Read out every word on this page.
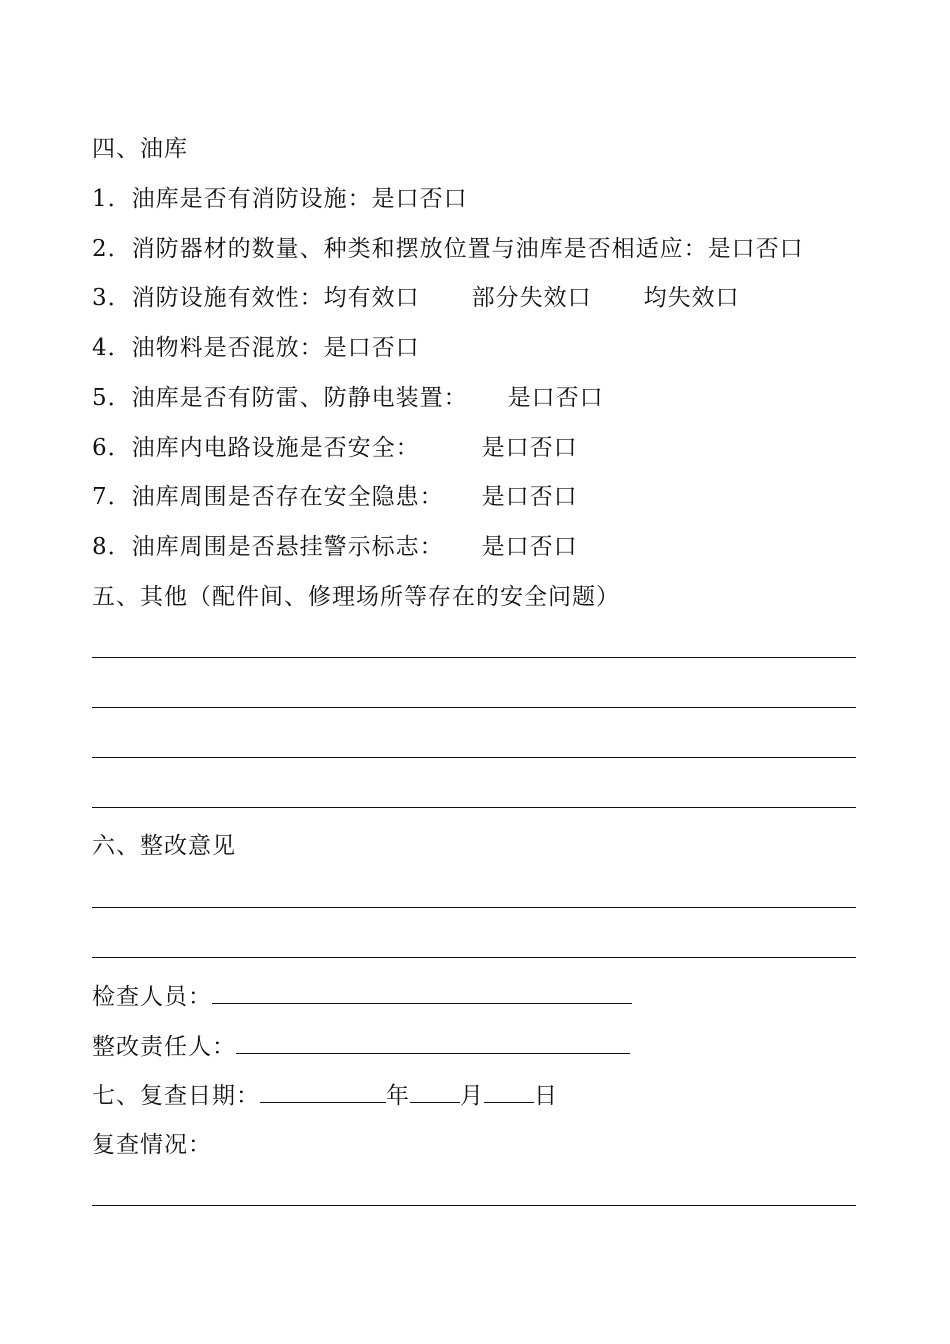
四、油库
1．油库是否有消防设施：是口否口
2．消防器材的数量、种类和摆放位置与油库是否相适应：是口否口
3．消防设施有效性：均有效口 部分失效口 均失效口
4．油物料是否混放：是口否口
5．油库是否有防雷、防静电装置： 是口否口
6．油库内电路设施是否安全：	是口否口
7．油库周围是否存在安全隐患： 是口否口
8．油库周围是否悬挂警示标志： 是口否口
五、其他（配件间、修理场所等存在的安全问题）
六、整改意见
检查人员：
整改责任人：
七、复查日期：	年 月 日
复查情况：
